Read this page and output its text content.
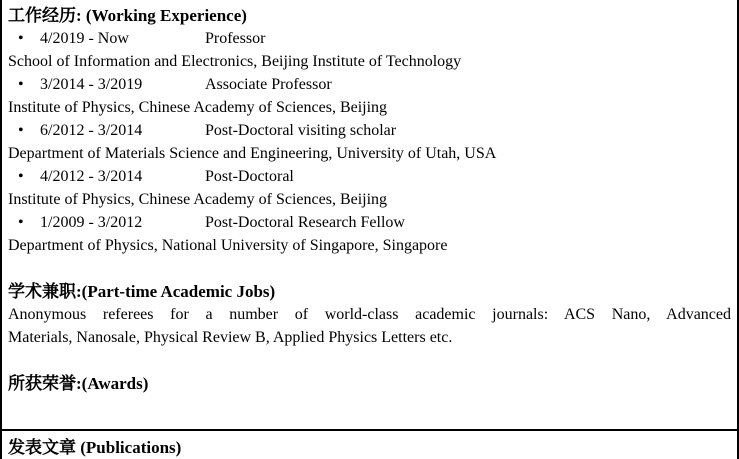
工作经历: (Working Experience)
•	4/2019 - Now	Professor
School of Information and Electronics, Beijing Institute of Technology
•	3/2014 - 3/2019	Associate Professor
Institute of Physics, Chinese Academy of Sciences, Beijing
•	6/2012 - 3/2014	Post-Doctoral visiting scholar
Department of Materials Science and Engineering, University of Utah, USA
•	4/2012 - 3/2014	Post-Doctoral
Institute of Physics, Chinese Academy of Sciences, Beijing
•	1/2009 - 3/2012	Post-Doctoral Research Fellow
Department of Physics, National University of Singapore, Singapore
学术兼职:(Part-time Academic Jobs)
Anonymous referees for a number of world-class academic journals: ACS Nano, Advanced
Materials, Nanosale, Physical Review B, Applied Physics Letters etc.
所获荣誉:(Awards)
发表文章 (Publications)
